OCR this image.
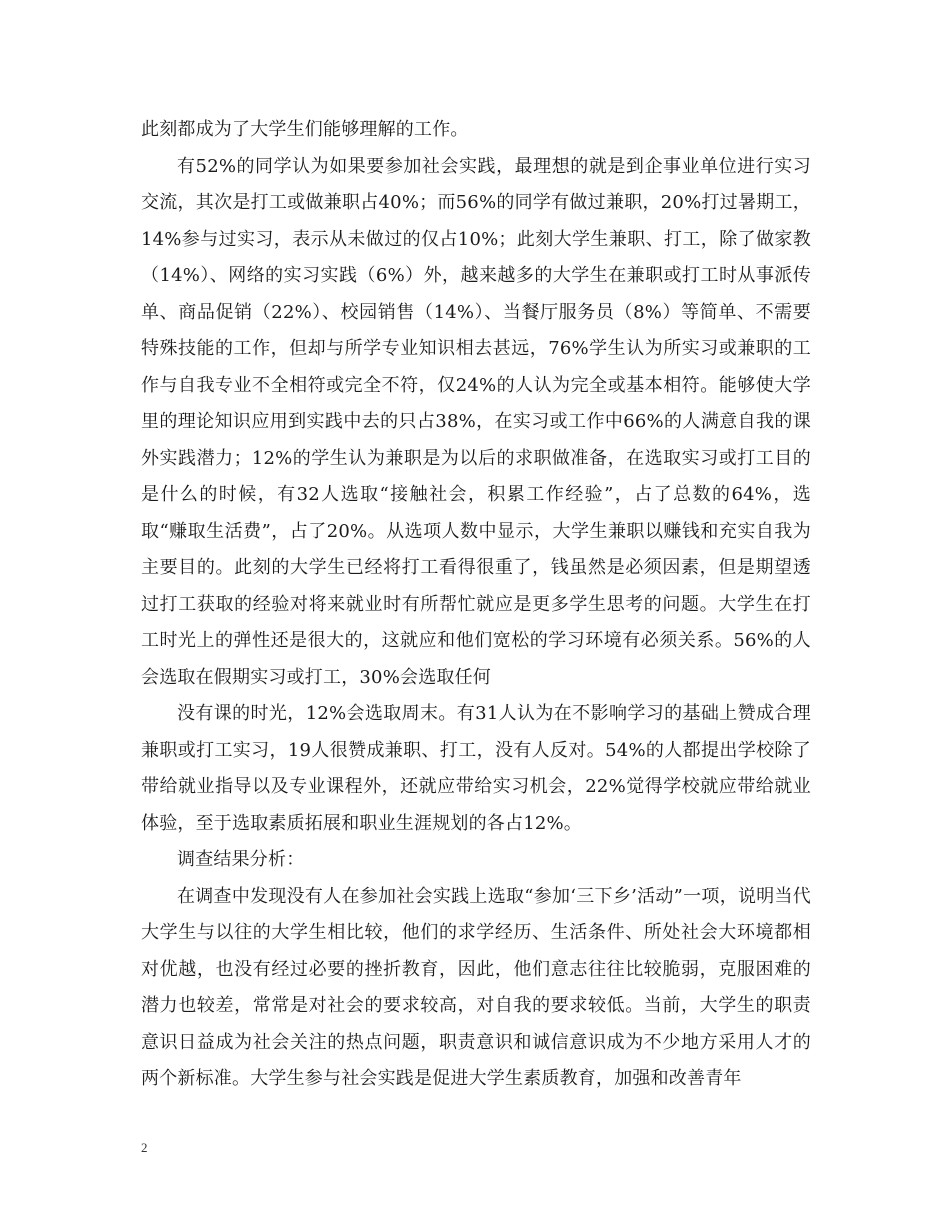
此刻都成为了大学生们能够理解的工作。

有52%的同学认为如果要参加社会实践，最理想的就是到企事业单位进行实习交流，其次是打工或做兼职占40%；而56%的同学有做过兼职，20%打过暑期工，14%参与过实习，表示从未做过的仅占10%；此刻大学生兼职、打工，除了做家教（14%）、网络的实习实践（6%）外，越来越多的大学生在兼职或打工时从事派传单、商品促销（22%）、校园销售（14%）、当餐厅服务员（8%）等简单、不需要特殊技能的工作，但却与所学专业知识相去甚远，76%学生认为所实习或兼职的工作与自我专业不全相符或完全不符，仅24%的人认为完全或基本相符。能够使大学里的理论知识应用到实践中去的只占38%，在实习或工作中66%的人满意自我的课外实践潜力；12%的学生认为兼职是为以后的求职做准备，在选取实习或打工目的是什么的时候，有32人选取“接触社会，积累工作经验”，占了总数的64%，选取“赚取生活费”，占了20%。从选项人数中显示，大学生兼职以赚钱和充实自我为主要目的。此刻的大学生已经将打工看得很重了，钱虽然是必须因素，但是期望透过打工获取的经验对将来就业时有所帮忙就应是更多学生思考的问题。大学生在打工时光上的弹性还是很大的，这就应和他们宽松的学习环境有必须关系。56%的人会选取在假期实习或打工，30%会选取任何

没有课的时光，12%会选取周末。有31人认为在不影响学习的基础上赞成合理兼职或打工实习，19人很赞成兼职、打工，没有人反对。54%的人都提出学校除了带给就业指导以及专业课程外，还就应带给实习机会，22%觉得学校就应带给就业体验，至于选取素质拓展和职业生涯规划的各占12%。

调查结果分析：

在调查中发现没有人在参加社会实践上选取“参加‘三下乡’活动”一项，说明当代大学生与以往的大学生相比较，他们的求学经历、生活条件、所处社会大环境都相对优越，也没有经过必要的挫折教育，因此，他们意志往往比较脆弱，克服困难的潜力也较差，常常是对社会的要求较高，对自我的要求较低。当前，大学生的职责意识日益成为社会关注的热点问题，职责意识和诚信意识成为不少地方采用人才的两个新标准。大学生参与社会实践是促进大学生素质教育，加强和改善青年

2
